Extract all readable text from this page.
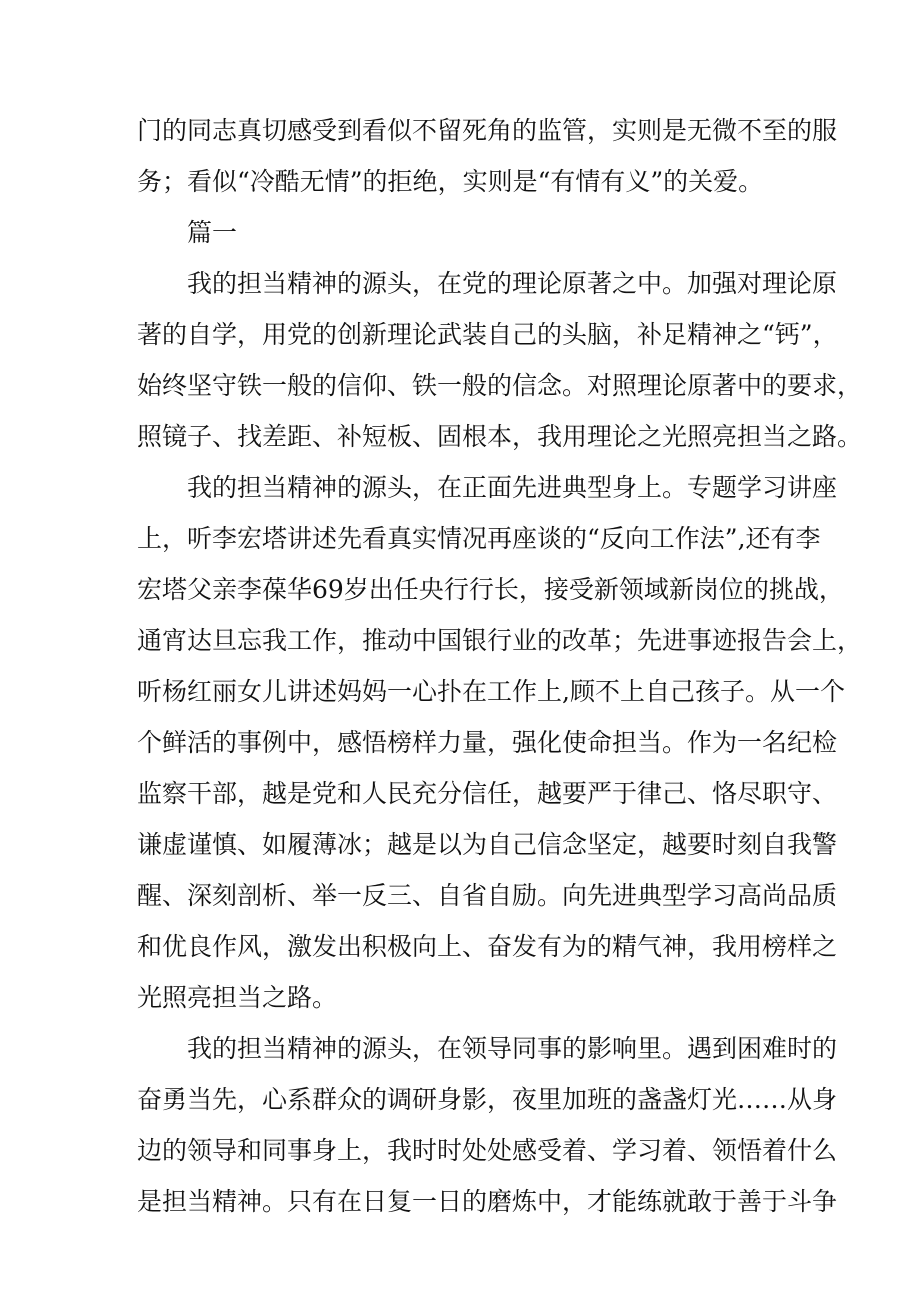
门的同志真切感受到看似不留死角的监管，实则是无微不至的服
务；看似“冷酷无情”的拒绝，实则是“有情有义”的关爱。
篇一
我的担当精神的源头，在党的理论原著之中。加强对理论原
著的自学，用党的创新理论武装自己的头脑，补足精神之“钙”，
始终坚守铁一般的信仰、铁一般的信念。对照理论原著中的要求，
照镜子、找差距、补短板、固根本，我用理论之光照亮担当之路。
我的担当精神的源头，在正面先进典型身上。专题学习讲座
上，听李宏塔讲述先看真实情况再座谈的“反向工作法”,还有李
宏塔父亲李葆华69岁出任央行行长，接受新领域新岗位的挑战，
通宵达旦忘我工作，推动中国银行业的改革；先进事迹报告会上，
听杨红丽女儿讲述妈妈一心扑在工作上,顾不上自己孩子。从一个
个鲜活的事例中，感悟榜样力量，强化使命担当。作为一名纪检
监察干部，越是党和人民充分信任，越要严于律己、恪尽职守、
谦虚谨慎、如履薄冰；越是以为自己信念坚定，越要时刻自我警
醒、深刻剖析、举一反三、自省自励。向先进典型学习高尚品质
和优良作风，激发出积极向上、奋发有为的精气神，我用榜样之
光照亮担当之路。
我的担当精神的源头，在领导同事的影响里。遇到困难时的
奋勇当先，心系群众的调研身影，夜里加班的盏盏灯光……从身
边的领导和同事身上，我时时处处感受着、学习着、领悟着什么
是担当精神。只有在日复一日的磨炼中，才能练就敢于善于斗争
